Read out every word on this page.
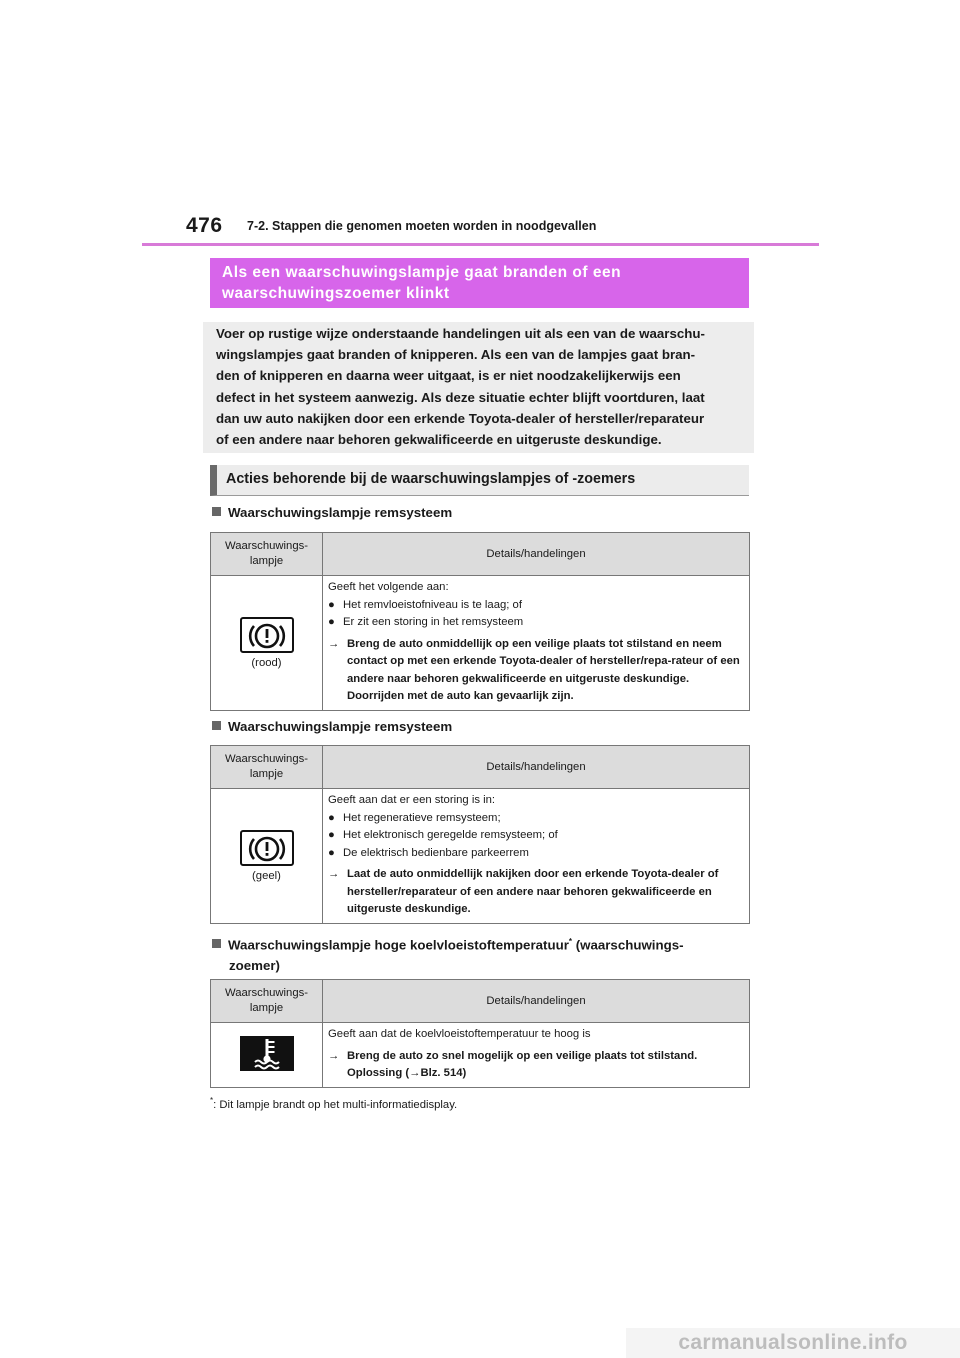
476 7-2. Stappen die genomen moeten worden in noodgevallen
Als een waarschuwingslampje gaat branden of een
waarschuwingszoemer klinkt
Voer op rustige wijze onderstaande handelingen uit als een van de waarschu-
wingslampjes gaat branden of knipperen. Als een van de lampjes gaat bran-
den of knipperen en daarna weer uitgaat, is er niet noodzakelijkerwijs een
defect in het systeem aanwezig. Als deze situatie echter blijft voortduren, laat
dan uw auto nakijken door een erkende Toyota-dealer of hersteller/reparateur
of een andere naar behoren gekwalificeerde en uitgeruste deskundige.
Acties behorende bij de waarschuwingslampjes of -zoemers
Waarschuwingslampje remsysteem
Waarschuwings-
lampje	Details/handelingen

(rood)	Geeft het volgende aan:
● Het remvloeistofniveau is te laag; of
● Er zit een storing in het remsysteem
→ Breng de auto onmiddellijk op een veilige plaats tot stilstand en neem contact op met een erkende Toyota-dealer of hersteller/repa-rateur of een andere naar behoren gekwalificeerde en uitgeruste deskundige. Doorrijden met de auto kan gevaarlijk zijn.
Waarschuwingslampje remsysteem
Waarschuwings-
lampje	Details/handelingen

(geel)	Geeft aan dat er een storing is in:
● Het regeneratieve remsysteem;
● Het elektronisch geregelde remsysteem; of
● De elektrisch bedienbare parkeerrem
→ Laat de auto onmiddellijk nakijken door een erkende Toyota-dealer of hersteller/reparateur of een andere naar behoren gekwalificeerde en uitgeruste deskundige.
Waarschuwingslampje hoge koelvloeistoftemperatuur* (waarschuwings-
zoemer)
Waarschuwings-
lampje	Details/handelingen

Geeft aan dat de koelvloeistoftemperatuur te hoog is
→ Breng de auto zo snel mogelijk op een veilige plaats tot stilstand.
Oplossing (→Blz. 514)
*: Dit lampje brandt op het multi-informatiedisplay.
carmanualsonline.info
